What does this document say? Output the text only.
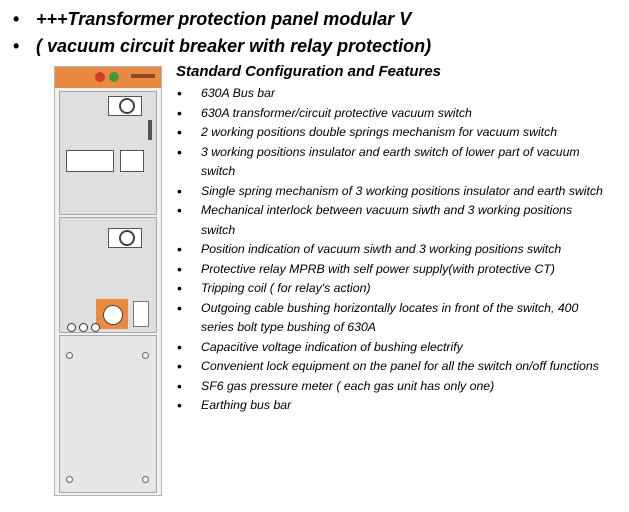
• +++Transformer protection panel modular V
• ( vacuum circuit breaker with relay protection)
Standard Configuration and Features
• 630A Bus bar
• 630A transformer/circuit protective vacuum switch
• 2 working positions double springs mechanism for vacuum switch
• 3 working positions insulator and earth switch of lower part of vacuum switch
• Single spring mechanism of 3 working positions insulator and earth switch
• Mechanical interlock between vacuum siwth and 3 working positions switch
• Position indication of vacuum siwth and 3 working positions switch
• Protective relay MPRB with self power supply(with protective CT)
• Tripping coil ( for relay's action)
• Outgoing cable bushing horizontally locates in front of the switch, 400 series bolt type bushing of 630A
• Capacitive voltage indication of bushing electrify
• Convenient lock equipment on the panel for all the switch on/off functions
• SF6 gas pressure meter ( each gas unit has only one)
• Earthing bus bar
